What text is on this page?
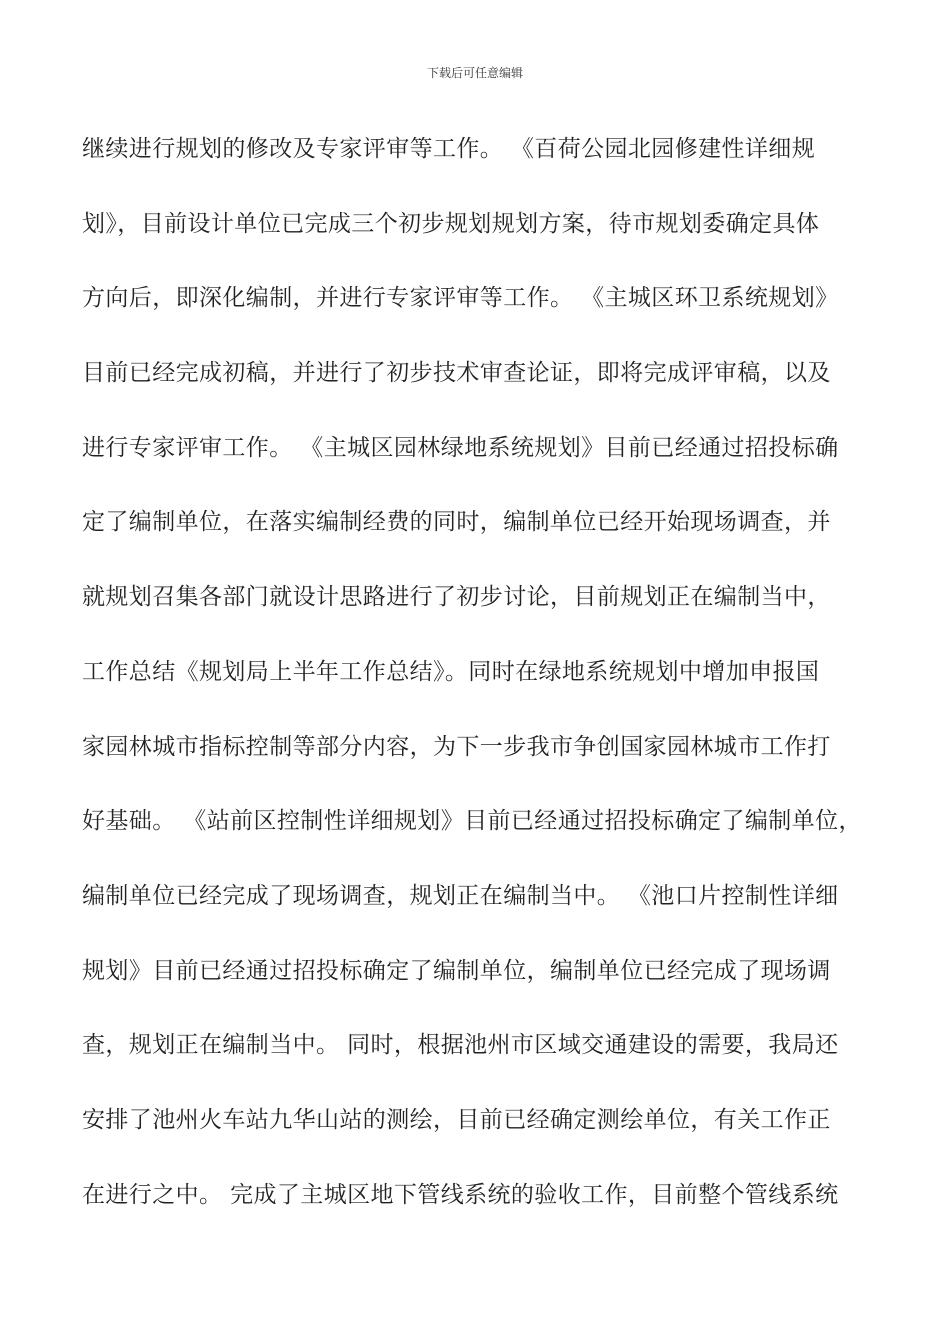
下载后可任意编辑
继续进行规划的修改及专家评审等工作。 《百荷公园北园修建性详细规
划》，目前设计单位已完成三个初步规划规划方案，待市规划委确定具体
方向后，即深化编制，并进行专家评审等工作。 《主城区环卫系统规划》
目前已经完成初稿，并进行了初步技术审查论证，即将完成评审稿，以及
进行专家评审工作。 《主城区园林绿地系统规划》目前已经通过招投标确
定了编制单位，在落实编制经费的同时，编制单位已经开始现场调查，并
就规划召集各部门就设计思路进行了初步讨论，目前规划正在编制当中，
工作总结《规划局上半年工作总结》。同时在绿地系统规划中增加申报国
家园林城市指标控制等部分内容，为下一步我市争创国家园林城市工作打
好基础。 《站前区控制性详细规划》目前已经通过招投标确定了编制单位，
编制单位已经完成了现场调查，规划正在编制当中。 《池口片控制性详细
规划》目前已经通过招投标确定了编制单位，编制单位已经完成了现场调
查，规划正在编制当中。 同时，根据池州市区域交通建设的需要，我局还
安排了池州火车站九华山站的测绘，目前已经确定测绘单位，有关工作正
在进行之中。 完成了主城区地下管线系统的验收工作，目前整个管线系统
